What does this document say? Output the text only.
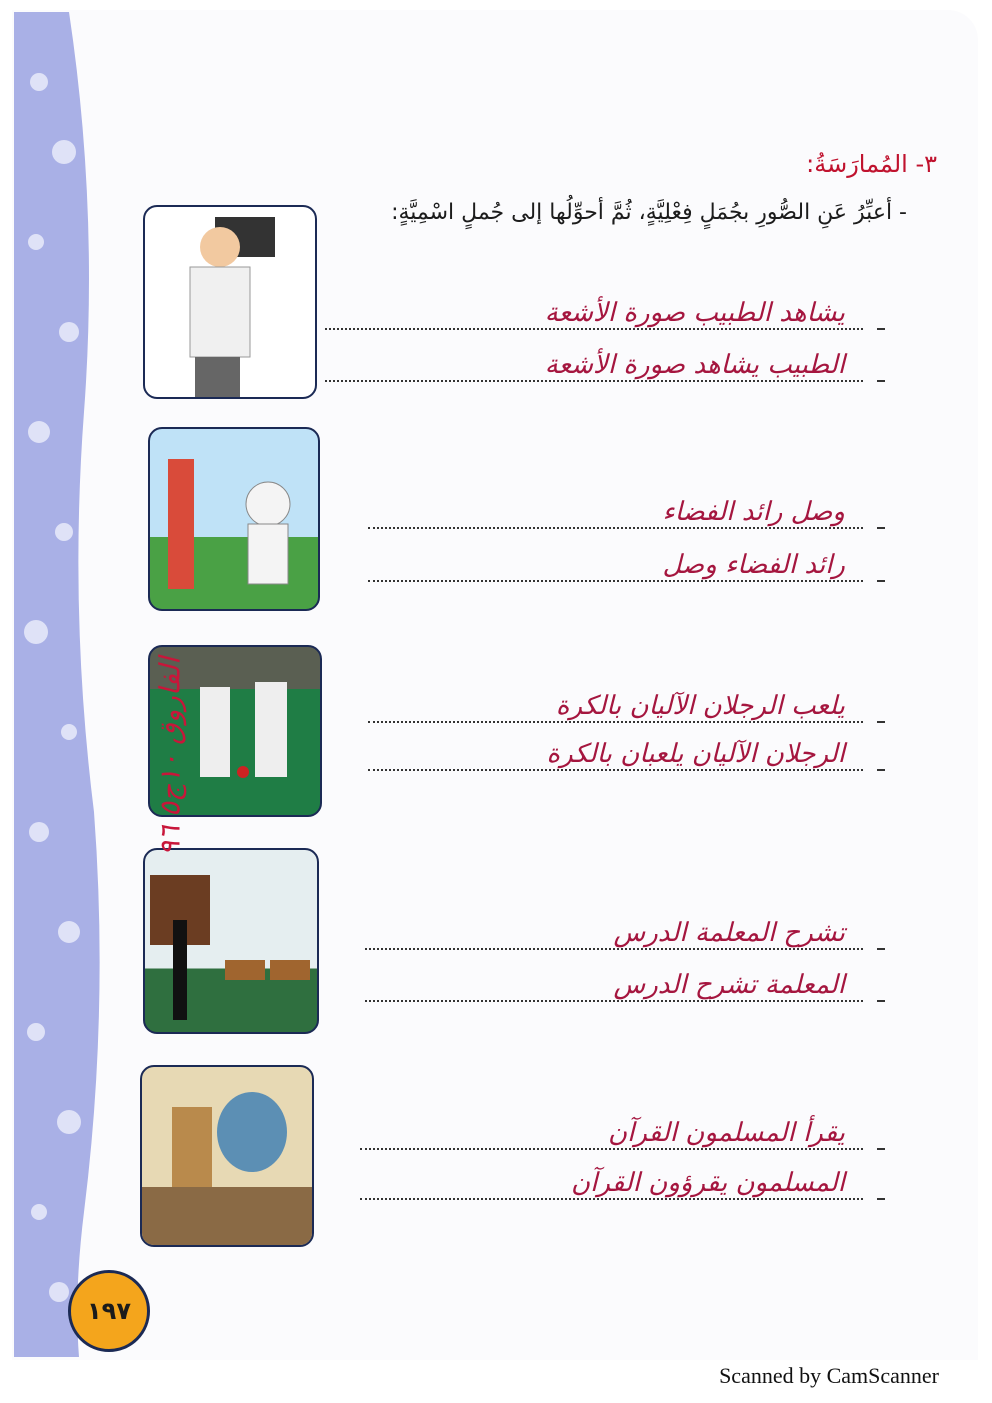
٣- المُمارَسَةُ:
- أعبِّرُ عَنِ الصُّورِ بجُمَلٍ فِعْلِيَّةٍ، ثُمَّ أحوِّلُها إلى جُملٍ اسْمِيَّةٍ:
يشاهد الطبيب صورة الأشعة
الطبيب يشاهد صورة الأشعة
وصل رائد الفضاء
رائد الفضاء وصل
يلعب الرجلان الآليان بالكرة
الرجلان الآليان يلعبان بالكرة
تشرح المعلمة الدرس
المعلمة تشرح الدرس
يقرأ المسلمون القرآن
المسلمون يقرؤون القرآن
الفاروق ١٠ج٥ ٩٦
١٩٧
Scanned by CamScanner
